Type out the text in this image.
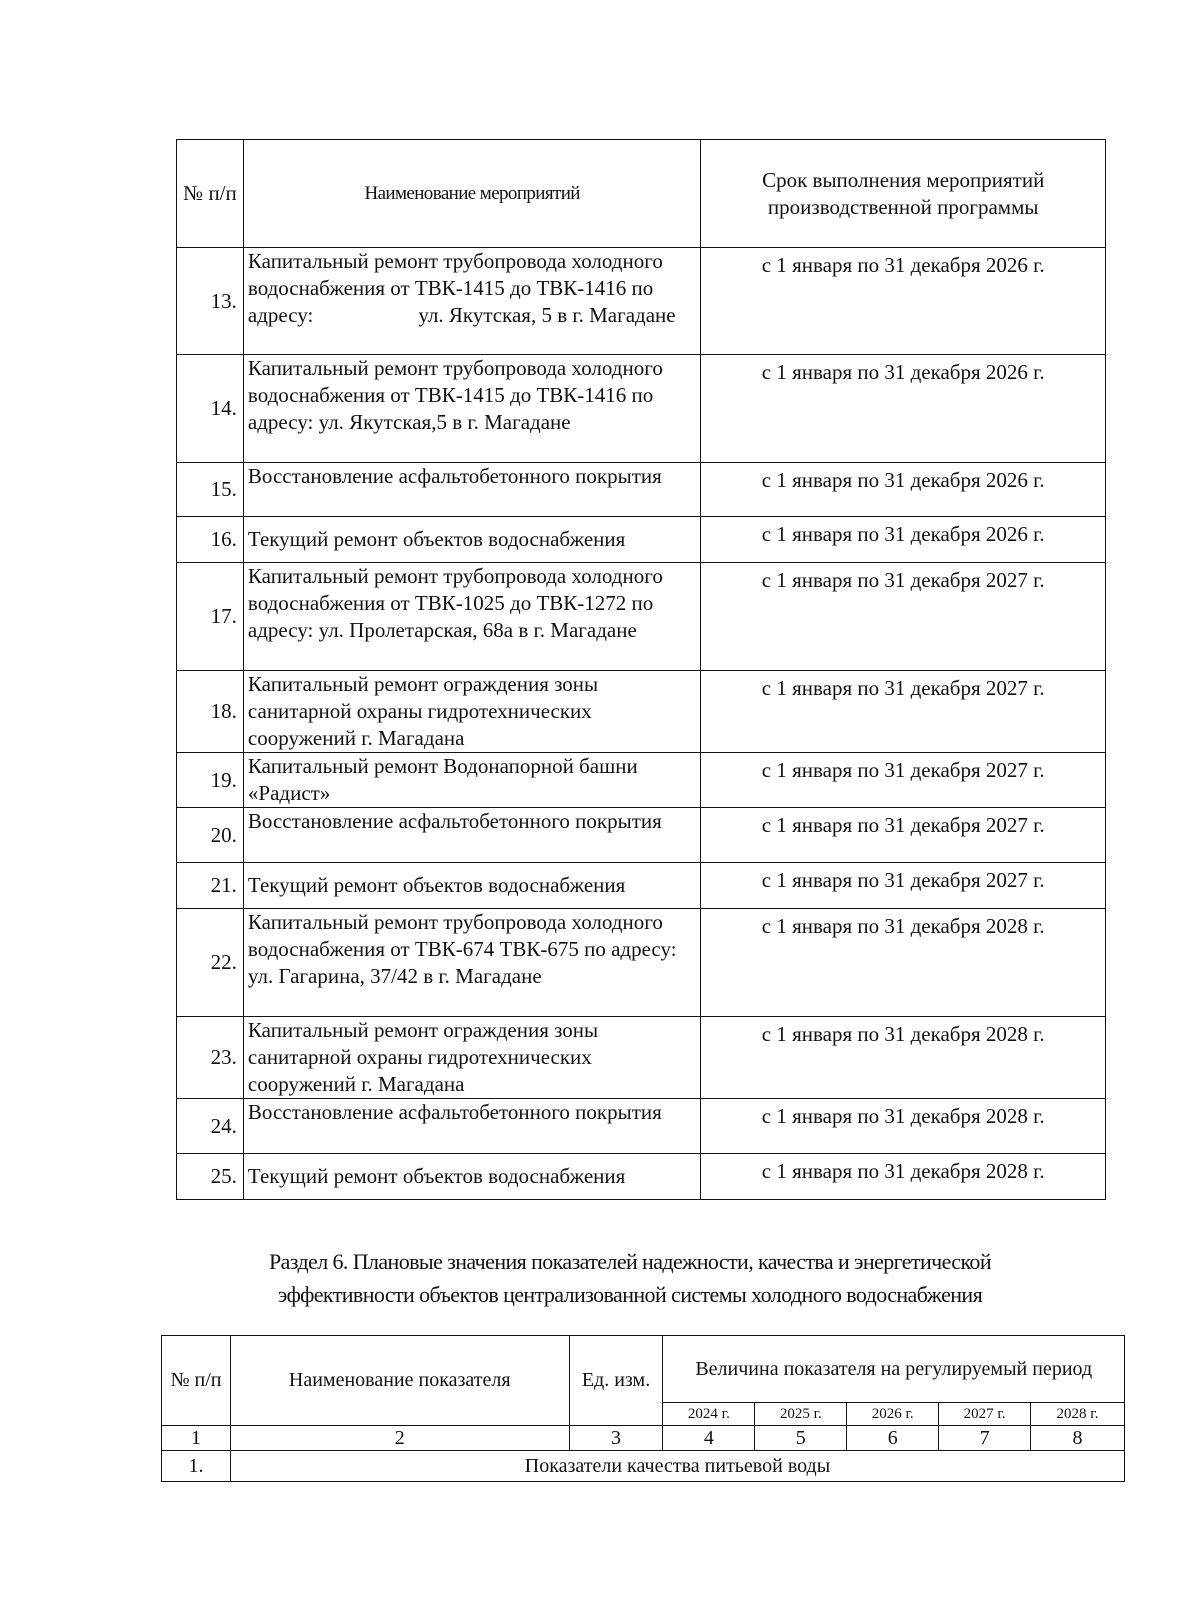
№ п/п	Наименование мероприятий	Срок выполнения мероприятий производственной программы
13.	Капитальный ремонт трубопровода холодного водоснабжения от ТВК-1415 до ТВК-1416 по адресу:                    ул. Якутская, 5 в г. Магадане	с 1 января по 31 декабря 2026 г.
14.	Капитальный ремонт трубопровода холодного водоснабжения от ТВК-1415 до ТВК-1416 по адресу: ул. Якутская,5 в г. Магадане	с 1 января по 31 декабря 2026 г.
15.	Восстановление асфальтобетонного покрытия	с 1 января по 31 декабря 2026 г.
16.	Текущий ремонт объектов водоснабжения	с 1 января по 31 декабря 2026 г.
17.	Капитальный ремонт трубопровода холодного водоснабжения от ТВК-1025 до ТВК-1272 по адресу: ул. Пролетарская, 68а в г. Магадане	с 1 января по 31 декабря 2027 г.
18.	Капитальный ремонт ограждения зоны санитарной охраны гидротехнических сооружений г. Магадана	с 1 января по 31 декабря 2027 г.
19.	Капитальный ремонт Водонапорной башни «Радист»	с 1 января по 31 декабря 2027 г.
20.	Восстановление асфальтобетонного покрытия	с 1 января по 31 декабря 2027 г.
21.	Текущий ремонт объектов водоснабжения	с 1 января по 31 декабря 2027 г.
22.	Капитальный ремонт трубопровода холодного водоснабжения от ТВК-674 ТВК-675 по адресу: ул. Гагарина, 37/42 в г. Магадане	с 1 января по 31 декабря 2028 г.
23.	Капитальный ремонт ограждения зоны санитарной охраны гидротехнических сооружений г. Магадана	с 1 января по 31 декабря 2028 г.
24.	Восстановление асфальтобетонного покрытия	с 1 января по 31 декабря 2028 г.
25.	Текущий ремонт объектов водоснабжения	с 1 января по 31 декабря 2028 г.
Раздел 6. Плановые значения показателей надежности, качества и энергетической
эффективности объектов централизованной системы холодного водоснабжения
№ п/п	Наименование показателя	Ед. изм.	Величина показателя на регулируемый период				
			2024 г.	2025 г.	2026 г.	2027 г.	2028 г.
1	2	3	4	5	6	7	8
1.	Показатели качества питьевой воды						
